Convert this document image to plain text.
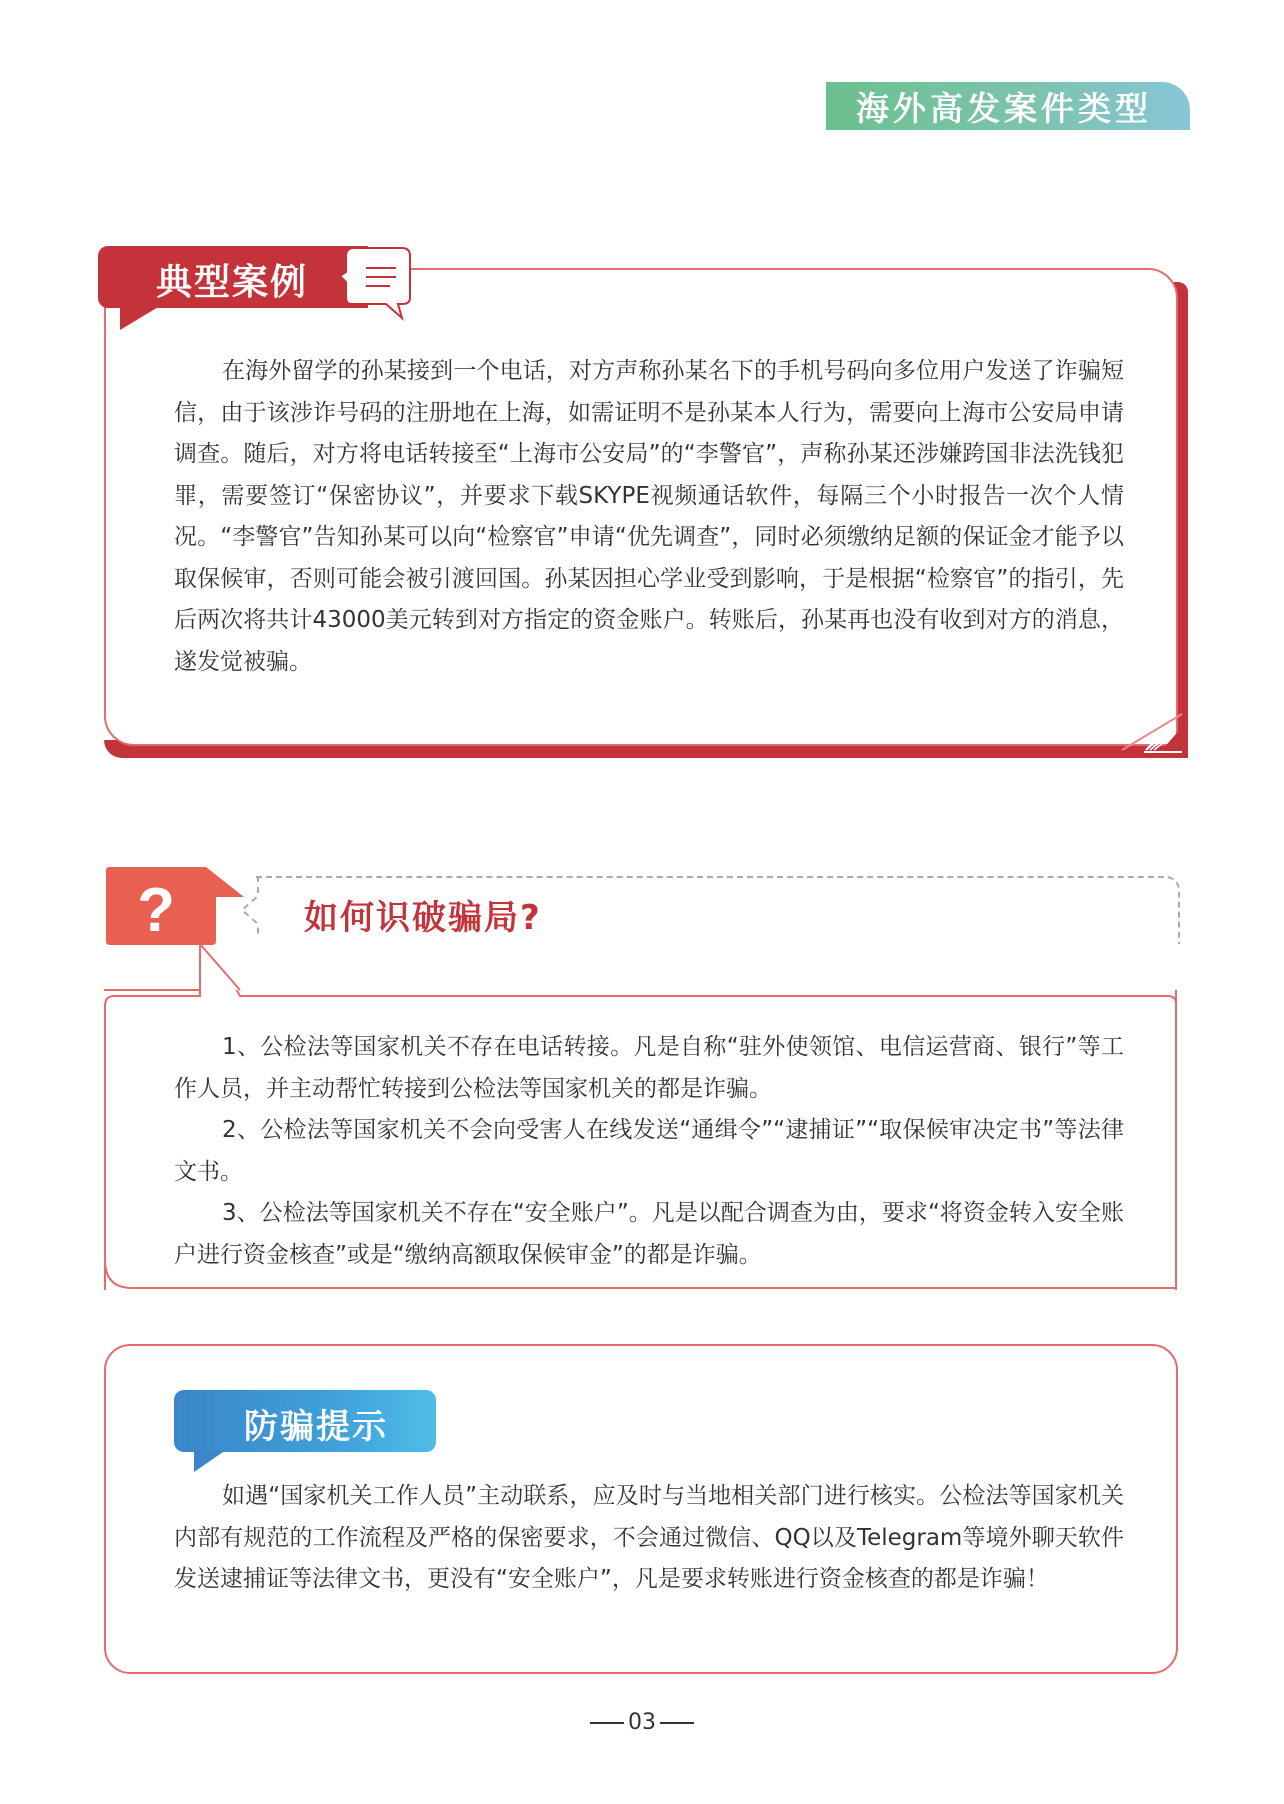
海外高发案件类型
典型案例

在海外留学的孙某接到一个电话，对方声称孙某名下的手机号码向多位用户发送了诈骗短信，由于该涉诈号码的注册地在上海，如需证明不是孙某本人行为，需要向上海市公安局申请调查。随后，对方将电话转接至“上海市公安局”的“李警官”，声称孙某还涉嫌跨国非法洗钱犯罪，需要签订“保密协议”，并要求下载SKYPE视频通话软件，每隔三个小时报告一次个人情况。“李警官”告知孙某可以向“检察官”申请“优先调查”，同时必须缴纳足额的保证金才能予以取保候审，否则可能会被引渡回国。孙某因担心学业受到影响，于是根据“检察官”的指引，先后两次将共计43000美元转到对方指定的资金账户。转账后，孙某再也没有收到对方的消息，遂发觉被骗。

?	如何识破骗局?

1、公检法等国家机关不存在电话转接。凡是自称“驻外使领馆、电信运营商、银行”等工作人员，并主动帮忙转接到公检法等国家机关的都是诈骗。

2、公检法等国家机关不会向受害人在线发送“通缉令”“逮捕证”“取保候审决定书”等法律文书。

3、公检法等国家机关不存在“安全账户”。凡是以配合调查为由，要求“将资金转入安全账户进行资金核查”或是“缴纳高额取保候审金”的都是诈骗。

防骗提示

如遇“国家机关工作人员”主动联系，应及时与当地相关部门进行核实。公检法等国家机关内部有规范的工作流程及严格的保密要求，不会通过微信、QQ以及Telegram等境外聊天软件发送逮捕证等法律文书，更没有“安全账户”，凡是要求转账进行资金核查的都是诈骗！

03
